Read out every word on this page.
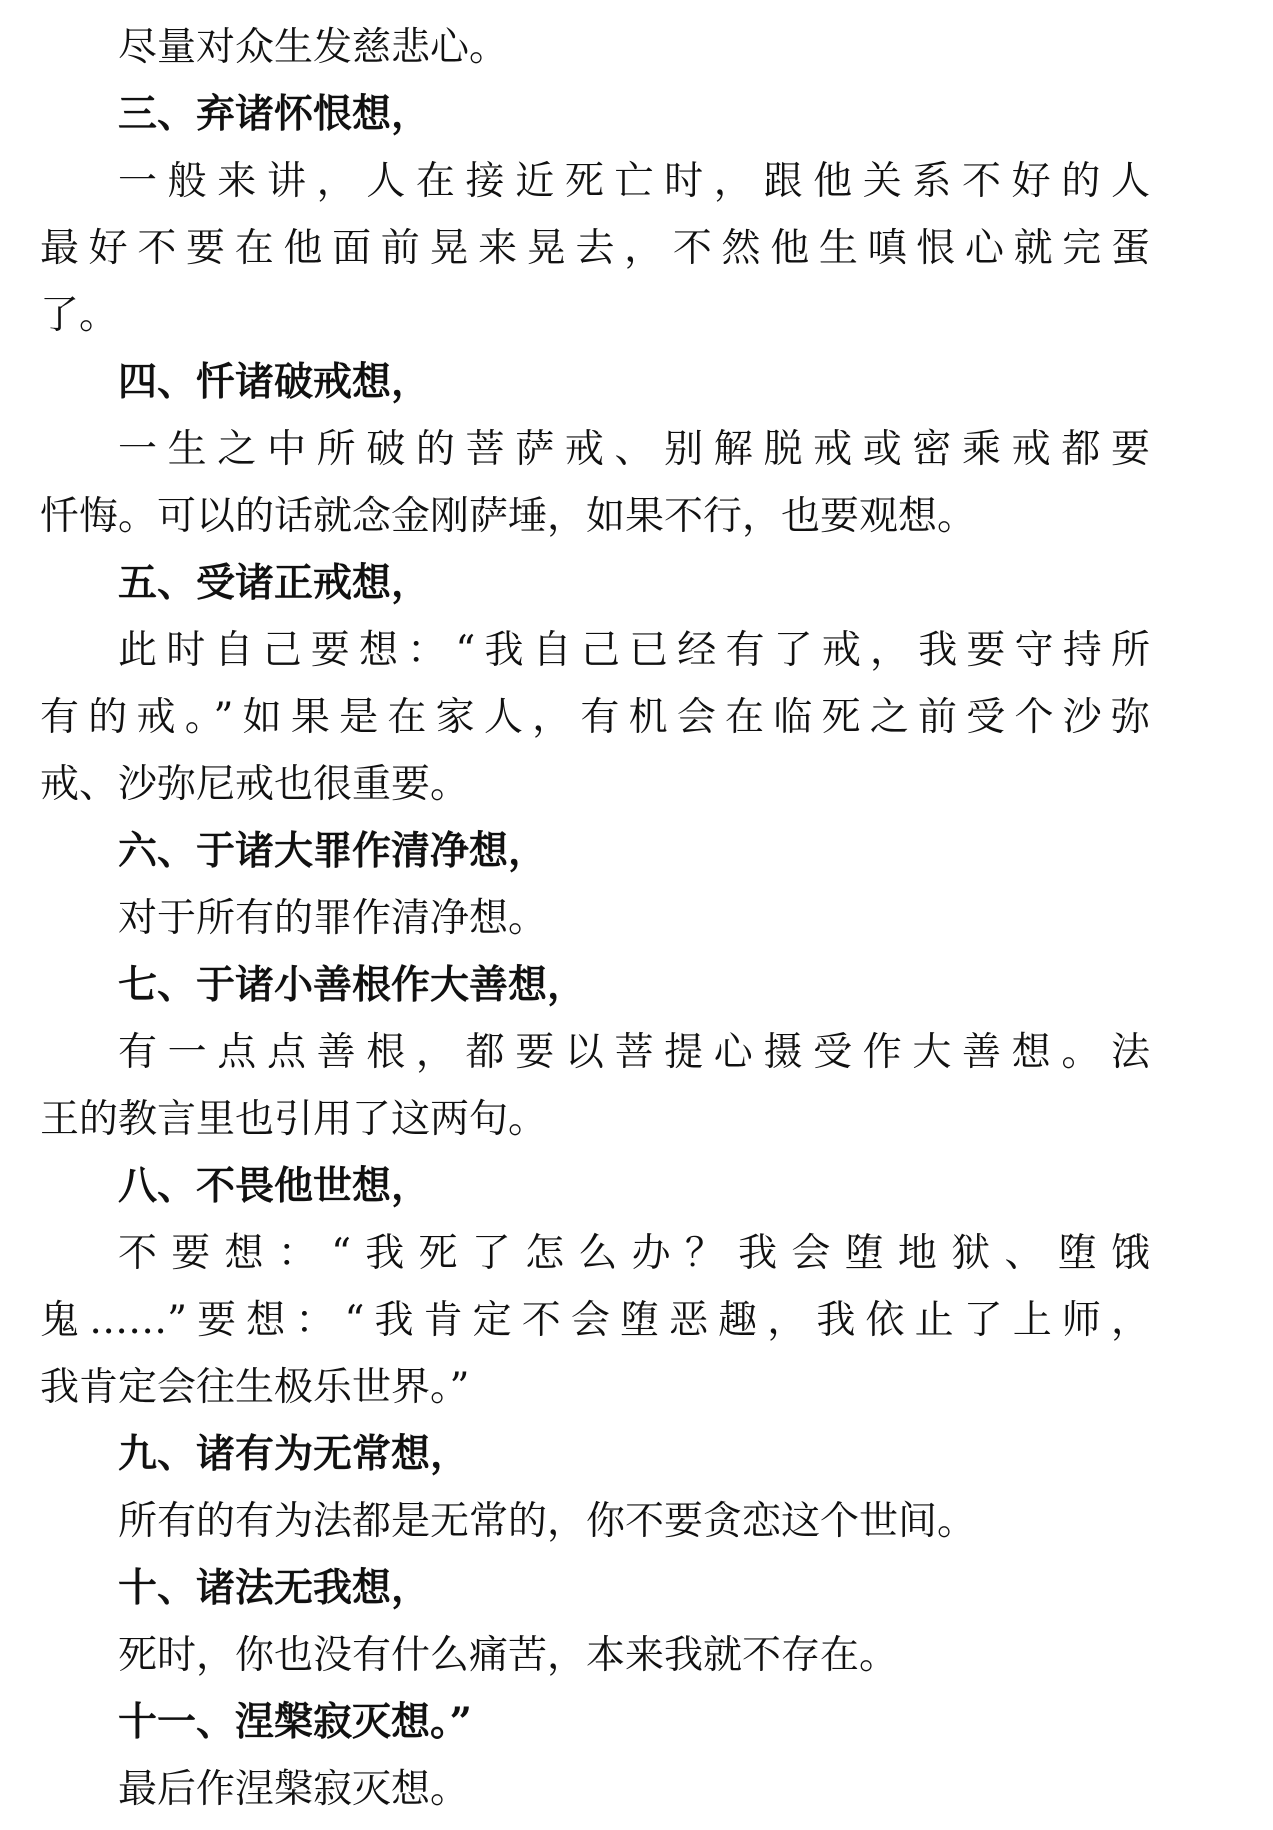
尽量对众生发慈悲心。
三、弃诸怀恨想，
一般来讲，人在接近死亡时，跟他关系不好的人
最好不要在他面前晃来晃去，不然他生嗔恨心就完蛋
了。
四、忏诸破戒想，
一生之中所破的菩萨戒、别解脱戒或密乘戒都要
忏悔。可以的话就念金刚萨埵，如果不行，也要观想。
五、受诸正戒想，
此时自己要想：“我自己已经有了戒，我要守持所
有的戒。”如果是在家人，有机会在临死之前受个沙弥
戒、沙弥尼戒也很重要。
六、于诸大罪作清净想，
对于所有的罪作清净想。
七、于诸小善根作大善想，
有一点点善根，都要以菩提心摄受作大善想。法
王的教言里也引用了这两句。
八、不畏他世想，
不要想：“我死了怎么办？我会堕地狱、堕饿
鬼……”要想：“我肯定不会堕恶趣，我依止了上师，
我肯定会往生极乐世界。”
九、诸有为无常想，
所有的有为法都是无常的，你不要贪恋这个世间。
十、诸法无我想，
死时，你也没有什么痛苦，本来我就不存在。
十一、涅槃寂灭想。”
最后作涅槃寂灭想。
